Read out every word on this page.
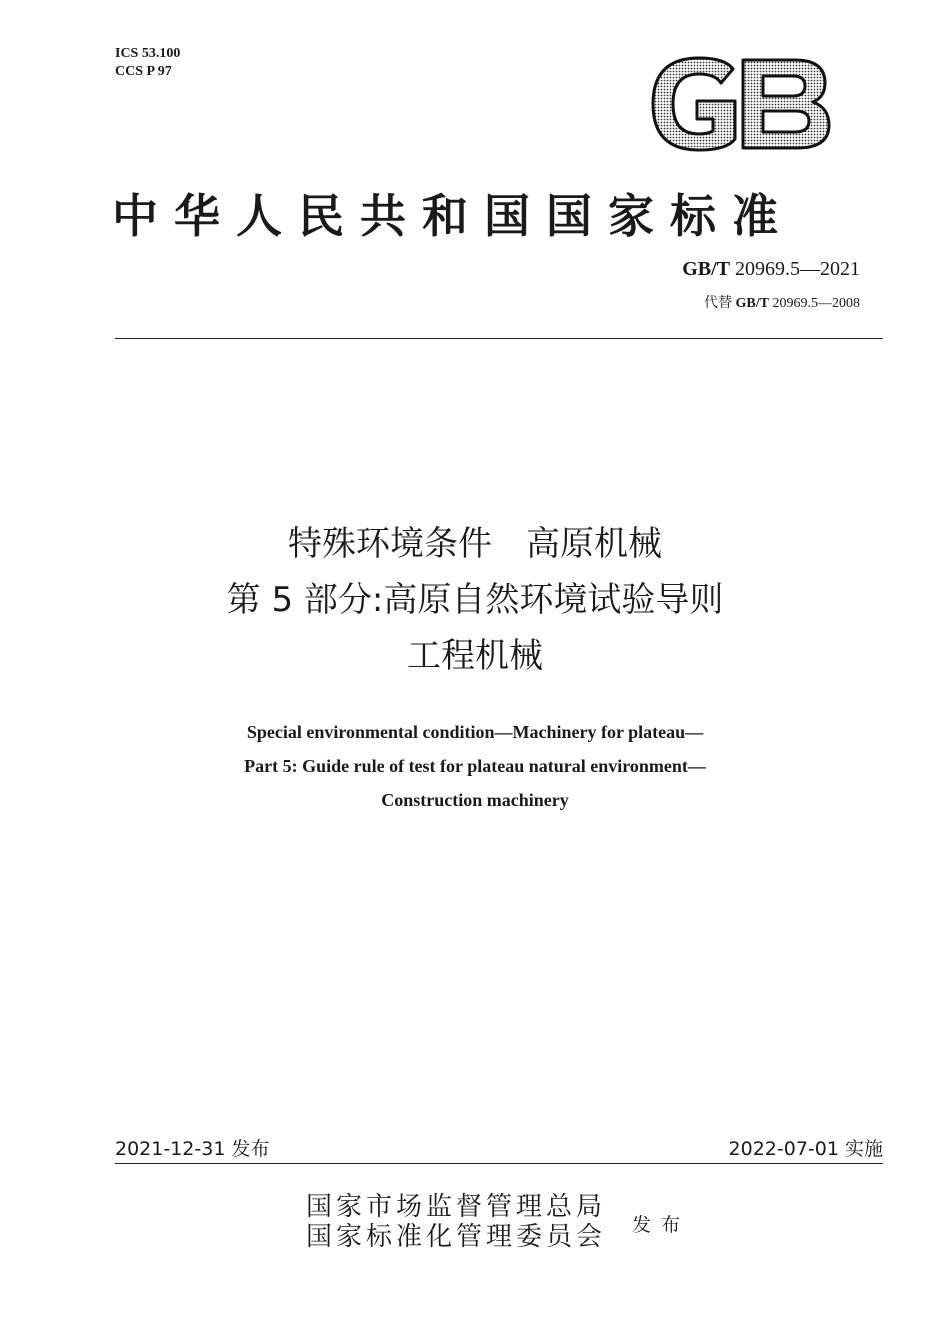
ICS 53.100
CCS P 97
GB
中华人民共和国国家标准
GB/T 20969.5—2021
代替 GB/T 20969.5—2008
特殊环境条件　高原机械
第 5 部分:高原自然环境试验导则
工程机械
Special environmental condition—Machinery for plateau—
Part 5: Guide rule of test for plateau natural environment—
Construction machinery
2021-12-31 发布	2022-07-01 实施
国家市场监督管理总局
国家标准化管理委员会 发布
